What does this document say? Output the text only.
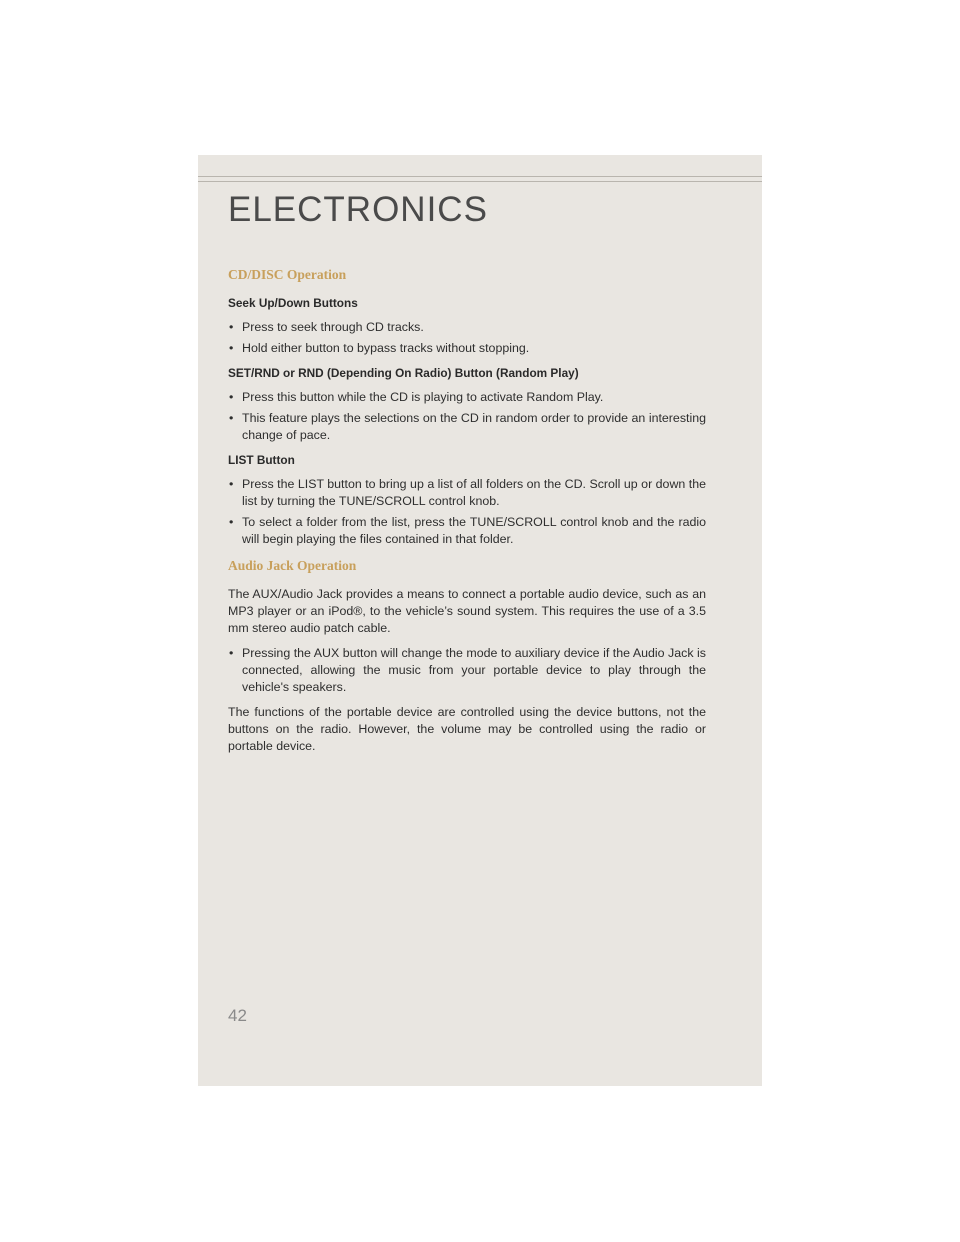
ELECTRONICS
CD/DISC Operation
Seek Up/Down Buttons
• Press to seek through CD tracks.
• Hold either button to bypass tracks without stopping.
SET/RND or RND (Depending On Radio) Button (Random Play)
• Press this button while the CD is playing to activate Random Play.
• This feature plays the selections on the CD in random order to provide an interesting change of pace.
LIST Button
• Press the LIST button to bring up a list of all folders on the CD. Scroll up or down the list by turning the TUNE/SCROLL control knob.
• To select a folder from the list, press the TUNE/SCROLL control knob and the radio will begin playing the files contained in that folder.
Audio Jack Operation

The AUX/Audio Jack provides a means to connect a portable audio device, such as an MP3 player or an iPod®, to the vehicle’s sound system. This requires the use of a 3.5 mm stereo audio patch cable.

• Pressing the AUX button will change the mode to auxiliary device if the Audio Jack is connected, allowing the music from your portable device to play through the vehicle's speakers.

The functions of the portable device are controlled using the device buttons, not the buttons on the radio. However, the volume may be controlled using the radio or portable device.

42
